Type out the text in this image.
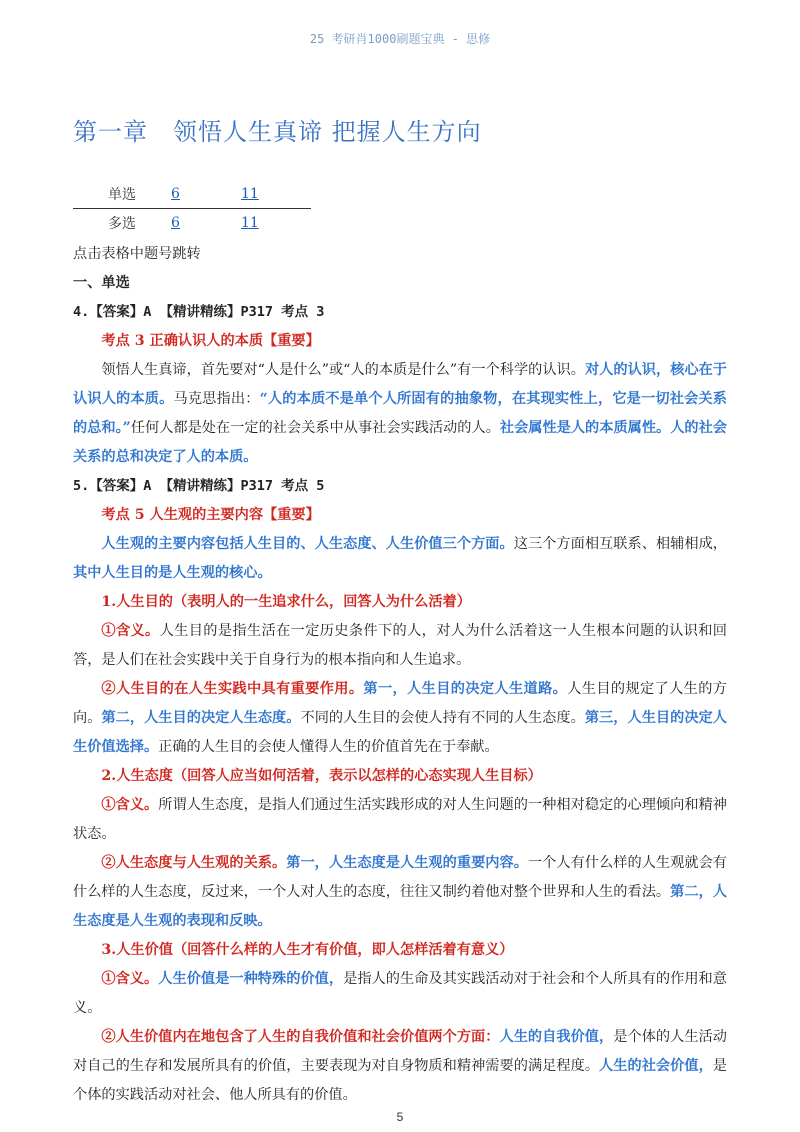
25 考研肖1000刷题宝典 - 思修
第一章　领悟人生真谛 把握人生方向
单选	6	11
多选	6	11

点击表格中题号跳转

一、单选

4.【答案】A 【精讲精练】P317 考点 3

考点 3 正确认识人的本质【重要】

领悟人生真谛，首先要对“人是什么”或“人的本质是什么”有一个科学的认识。对人的认识，核心在于认识人的本质。马克思指出：“人的本质不是单个人所固有的抽象物，在其现实性上，它是一切社会关系的总和。”任何人都是处在一定的社会关系中从事社会实践活动的人。社会属性是人的本质属性。人的社会关系的总和决定了人的本质。

5.【答案】A 【精讲精练】P317 考点 5

考点 5 人生观的主要内容【重要】

人生观的主要内容包括人生目的、人生态度、人生价值三个方面。这三个方面相互联系、相辅相成，其中人生目的是人生观的核心。

1.人生目的（表明人的一生追求什么，回答人为什么活着）

①含义。人生目的是指生活在一定历史条件下的人，对人为什么活着这一人生根本问题的认识和回答，是人们在社会实践中关于自身行为的根本指向和人生追求。

②人生目的在人生实践中具有重要作用。第一，人生目的决定人生道路。人生目的规定了人生的方向。第二，人生目的决定人生态度。不同的人生目的会使人持有不同的人生态度。第三，人生目的决定人生价值选择。正确的人生目的会使人懂得人生的价值首先在于奉献。

2.人生态度（回答人应当如何活着，表示以怎样的心态实现人生目标）

①含义。所谓人生态度，是指人们通过生活实践形成的对人生问题的一种相对稳定的心理倾向和精神状态。

②人生态度与人生观的关系。第一，人生态度是人生观的重要内容。一个人有什么样的人生观就会有什么样的人生态度，反过来，一个人对人生的态度，往往又制约着他对整个世界和人生的看法。第二，人生态度是人生观的表现和反映。

3.人生价值（回答什么样的人生才有价值，即人怎样活着有意义）

①含义。人生价值是一种特殊的价值，是指人的生命及其实践活动对于社会和个人所具有的作用和意义。

②人生价值内在地包含了人生的自我价值和社会价值两个方面：人生的自我价值，是个体的人生活动对自己的生存和发展所具有的价值，主要表现为对自身物质和精神需要的满足程度。人生的社会价值，是个体的实践活动对社会、他人所具有的价值。

5
